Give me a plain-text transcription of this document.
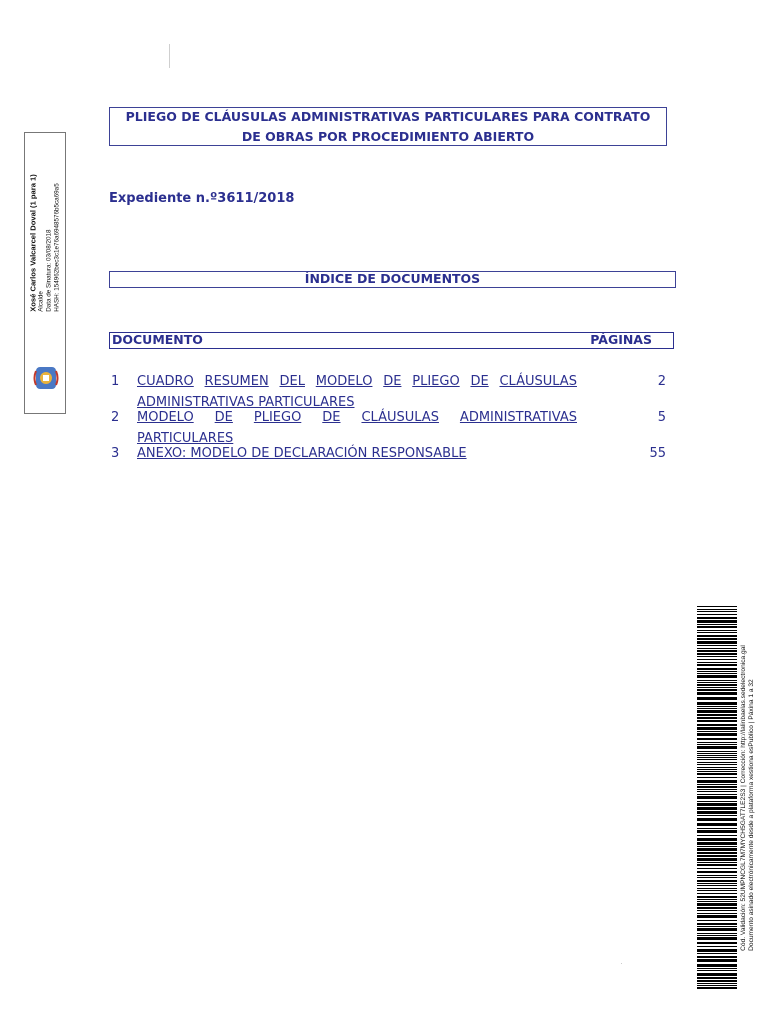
Xosé Carlos Valcarcel Doval (1 para 1) Alcalde Data de Sinatura: 03/08/2018 HASH: 154962bec3c1e76a6948576b5ca69a5
PLIEGO DE CLÁUSULAS ADMINISTRATIVAS PARTICULARES PARA CONTRATO
DE OBRAS POR PROCEDIMIENTO ABIERTO
Expediente n.º3611/2018
ÍNDICE DE DOCUMENTOS
DOCUMENTO	PÁGINAS
1 CUADRO RESUMEN DEL MODELO DE PLIEGO DE CLÁUSULAS
ADMINISTRATIVAS PARTICULARES
2
2 MODELO DE PLIEGO DE CLÁUSULAS ADMINISTRATIVAS
PARTICULARES
5
3 ANEXO: MODELO DE DECLARACIÓN RESPONSABLE	55
Cód. Validación: 52UMPNCGL7M7MYCH5GAT7LE2S3 | Corrección: http://lalinbaelas.sedelectronica.gal Documento asinado electrónicamente desde a plataforma xestiona esPublico | Páxina 1 a 32
